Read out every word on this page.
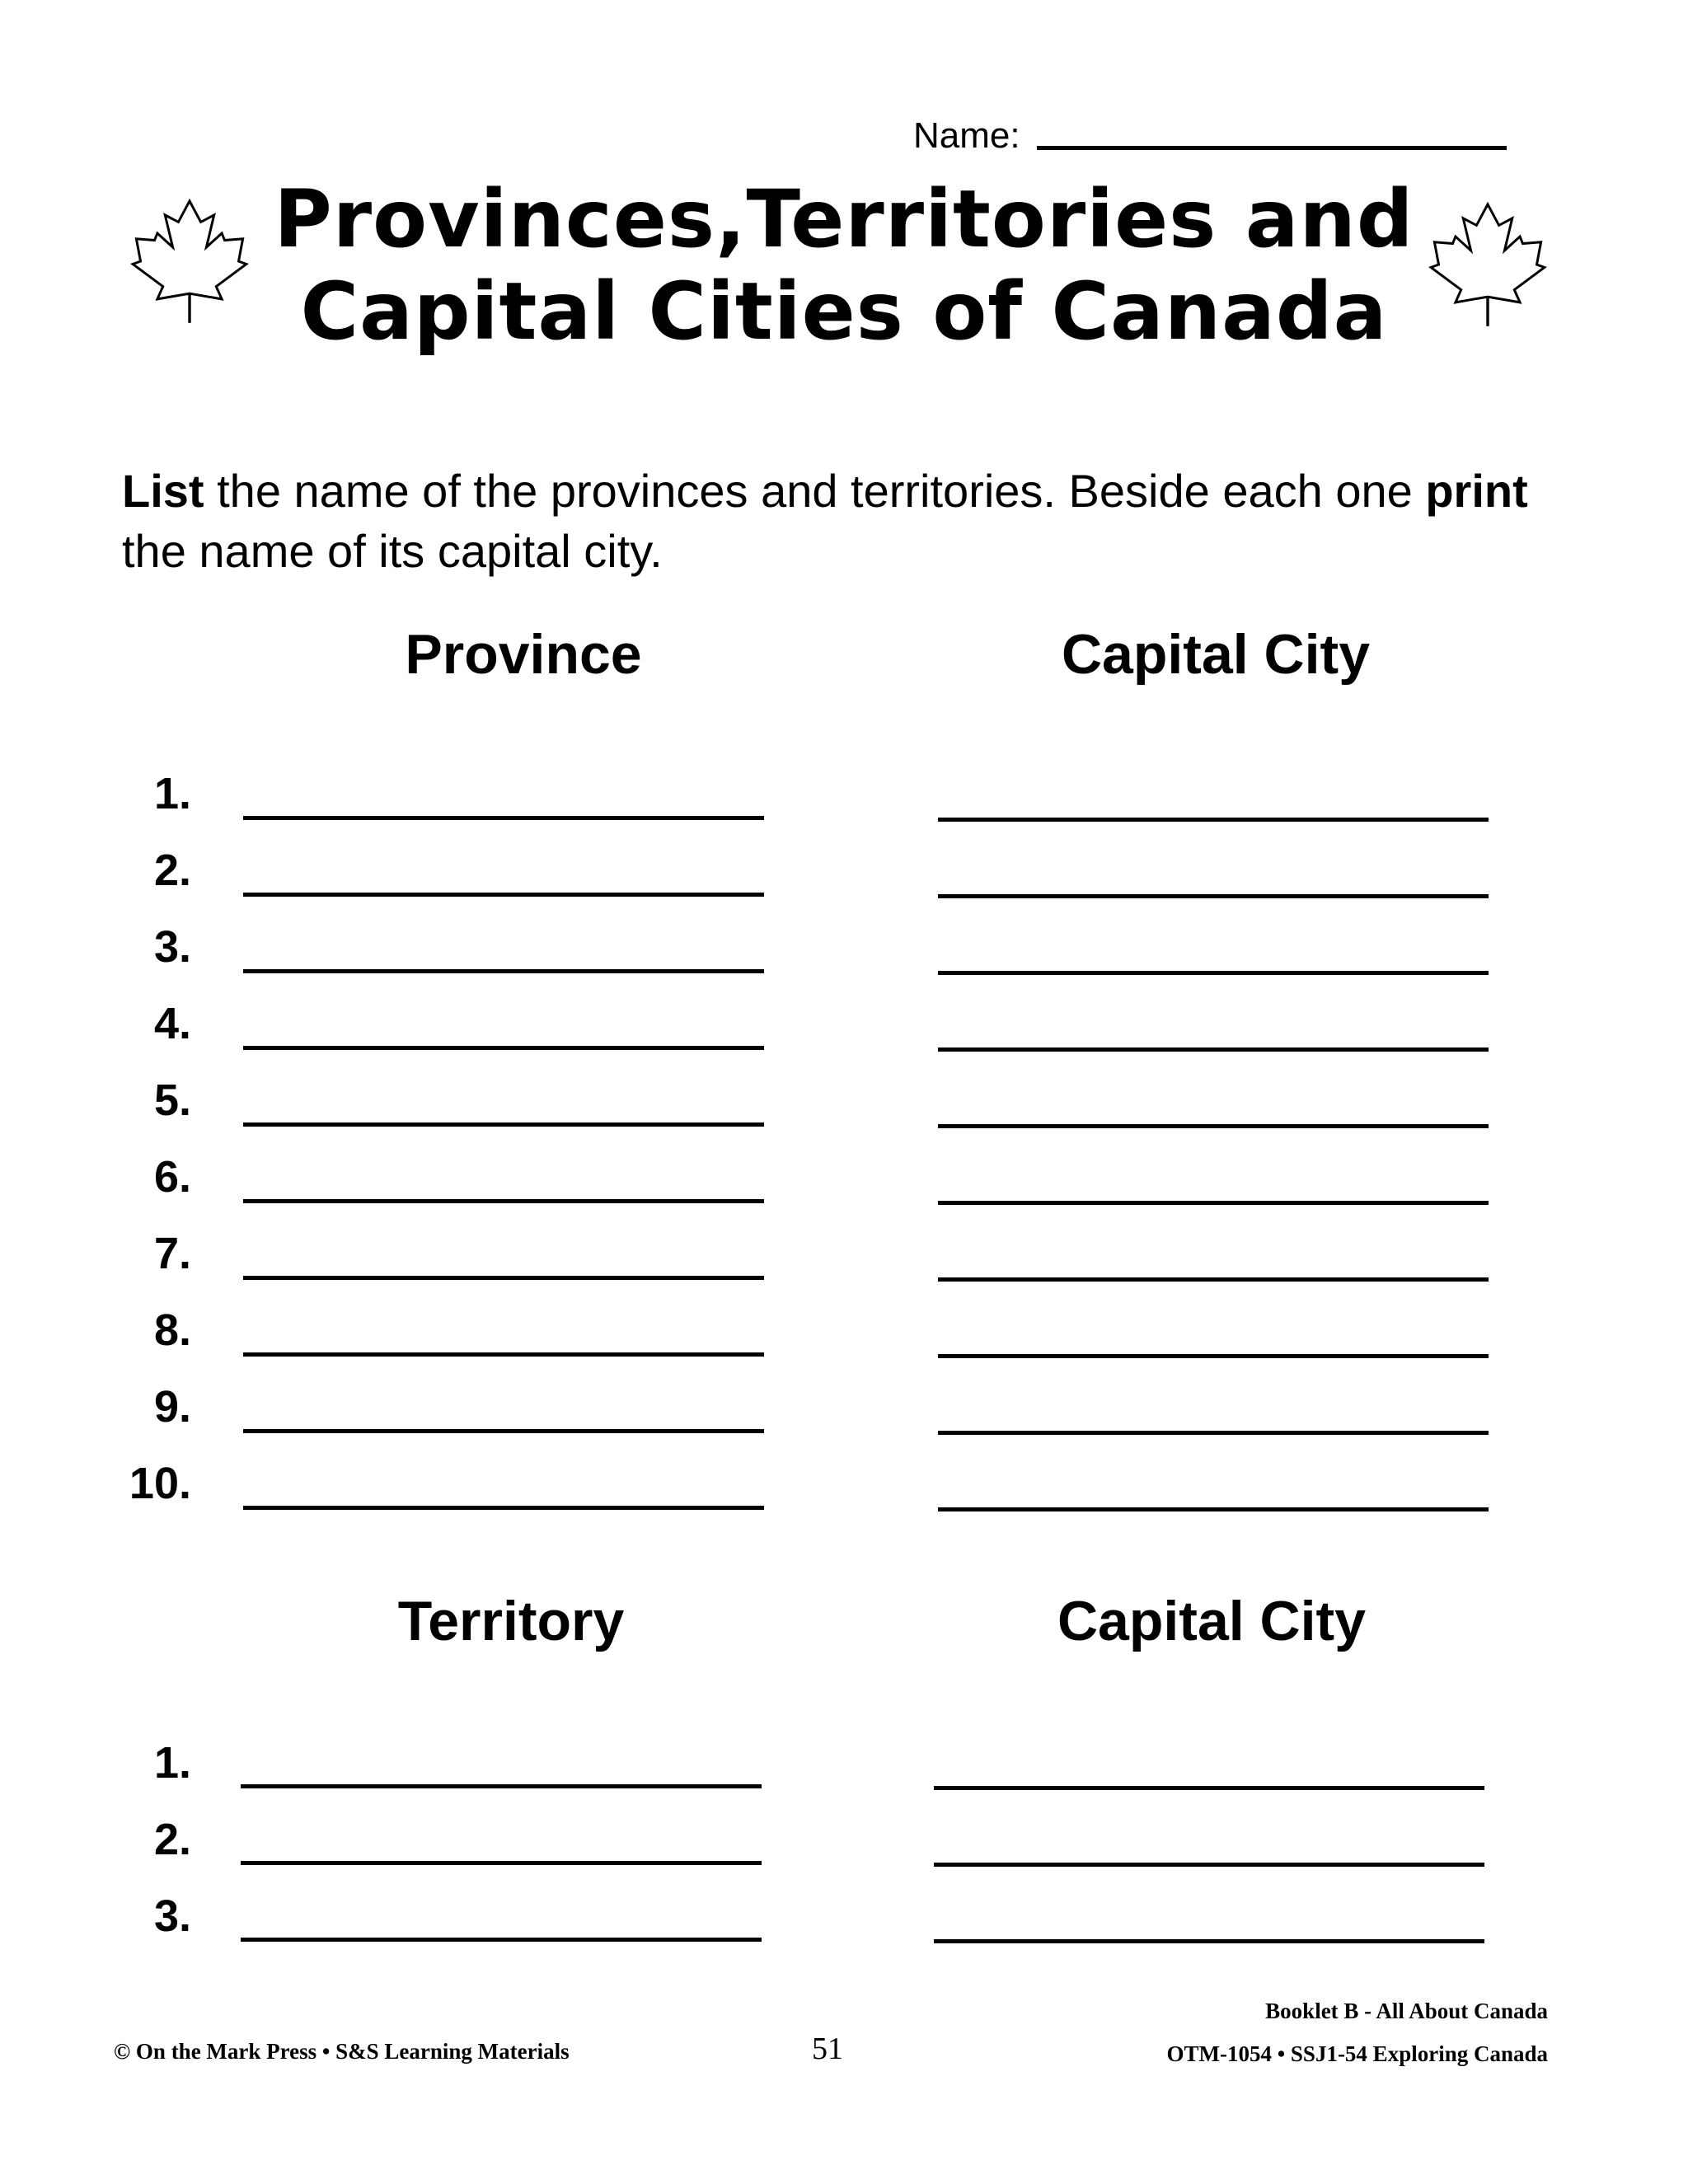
Name:
Provinces,Territories and
Capital Cities of Canada
List the name of the provinces and territories. Beside each one print the name of its capital city.
Province	Capital City
1.
2.
3.
4.
5.
6.
7.
8.
9.
10.
Territory	Capital City
1.
2.
3.
© On the Mark Press • S&S Learning Materials	51
Booklet B - All About Canada
OTM-1054 • SSJ1-54 Exploring Canada
